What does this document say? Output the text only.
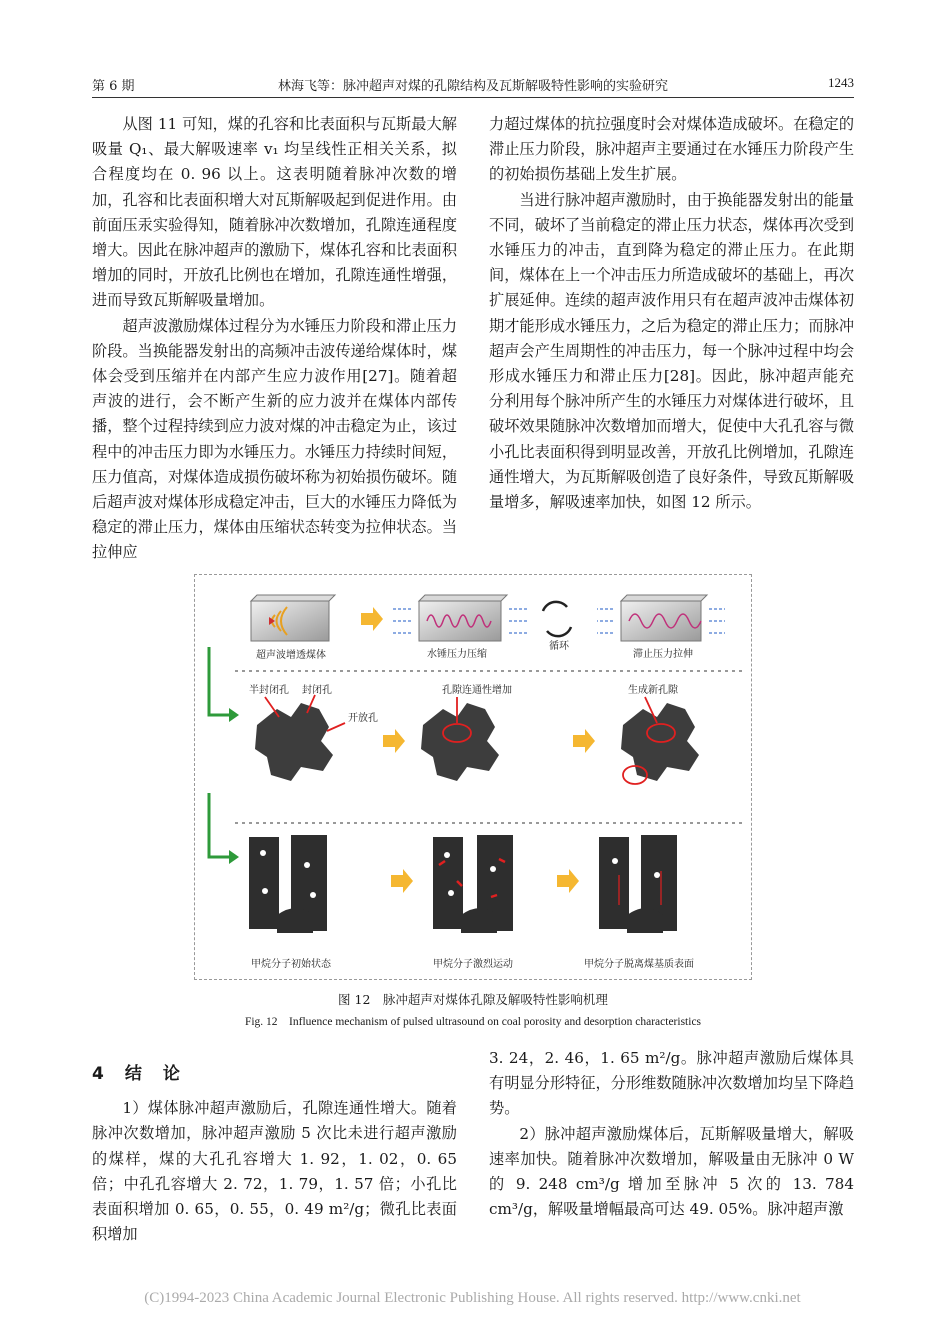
第 6 期	林海飞等：脉冲超声对煤的孔隙结构及瓦斯解吸特性影响的实验研究	1243

从图 11 可知，煤的孔容和比表面积与瓦斯最大解吸量 Q₁、最大解吸速率 v₁ 均呈线性正相关关系，拟合程度均在 0. 96 以上。这表明随着脉冲次数的增加，孔容和比表面积增大对瓦斯解吸起到促进作用。由前面压汞实验得知，随着脉冲次数增加，孔隙连通程度增大。因此在脉冲超声的激励下，煤体孔容和比表面积增加的同时，开放孔比例也在增加，孔隙连通性增强，进而导致瓦斯解吸量增加。

超声波激励煤体过程分为水锤压力阶段和滞止压力阶段。当换能器发射出的高频冲击波传递给煤体时，煤体会受到压缩并在内部产生应力波作用[27]。随着超声波的进行，会不断产生新的应力波并在煤体内部传播，整个过程持续到应力波对煤的冲击稳定为止，该过程中的冲击压力即为水锤压力。水锤压力持续时间短，压力值高，对煤体造成损伤破坏称为初始损伤破坏。随后超声波对煤体形成稳定冲击，巨大的水锤压力降低为稳定的滞止压力，煤体由压缩状态转变为拉伸状态。当拉伸应

力超过煤体的抗拉强度时会对煤体造成破坏。在稳定的滞止压力阶段，脉冲超声主要通过在水锤压力阶段产生的初始损伤基础上发生扩展。

当进行脉冲超声激励时，由于换能器发射出的能量不同，破坏了当前稳定的滞止压力状态，煤体再次受到水锤压力的冲击，直到降为稳定的滞止压力。在此期间，煤体在上一个冲击压力所造成破坏的基础上，再次扩展延伸。连续的超声波作用只有在超声波冲击煤体初期才能形成水锤压力，之后为稳定的滞止压力；而脉冲超声会产生周期性的冲击压力，每一个脉冲过程中均会形成水锤压力和滞止压力[28]。因此，脉冲超声能充分利用每个脉冲所产生的水锤压力对煤体进行破坏，且破坏效果随脉冲次数增加而增大，促使中大孔孔容与微小孔比表面积得到明显改善，开放孔比例增加，孔隙连通性增大，为瓦斯解吸创造了良好条件，导致瓦斯解吸量增多，解吸速率加快，如图 12 所示。

超声波增透煤体	水锤压力压缩
循环
滞止压力拉伸
半封闭孔 封闭孔
开放孔
孔隙连通性增加	生成新孔隙
甲烷分子初始状态	甲烷分子激烈运动	甲烷分子脱离煤基质表面
图 12　脉冲超声对煤体孔隙及解吸特性影响机理
Fig. 12　Influence mechanism of pulsed ultrasound on coal porosity and desorption characteristics
4　结　论

1）煤体脉冲超声激励后，孔隙连通性增大。随着脉冲次数增加，脉冲超声激励 5 次比未进行超声激励的煤样，煤的大孔孔容增大 1. 92，1. 02，0. 65 倍；中孔孔容增大 2. 72，1. 79，1. 57 倍；小孔比表面积增加 0. 65，0. 55，0. 49 m²/g；微孔比表面积增加

3. 24，2. 46，1. 65 m²/g。脉冲超声激励后煤体具有明显分形特征，分形维数随脉冲次数增加均呈下降趋势。

2）脉冲超声激励煤体后，瓦斯解吸量增大，解吸速率加快。随着脉冲次数增加，解吸量由无脉冲 0 W 的 9. 248 cm³/g 增加至脉冲 5 次的 13. 784 cm³/g，解吸量增幅最高可达 49. 05%。脉冲超声激

(C)1994-2023 China Academic Journal Electronic Publishing House. All rights reserved. http://www.cnki.net
